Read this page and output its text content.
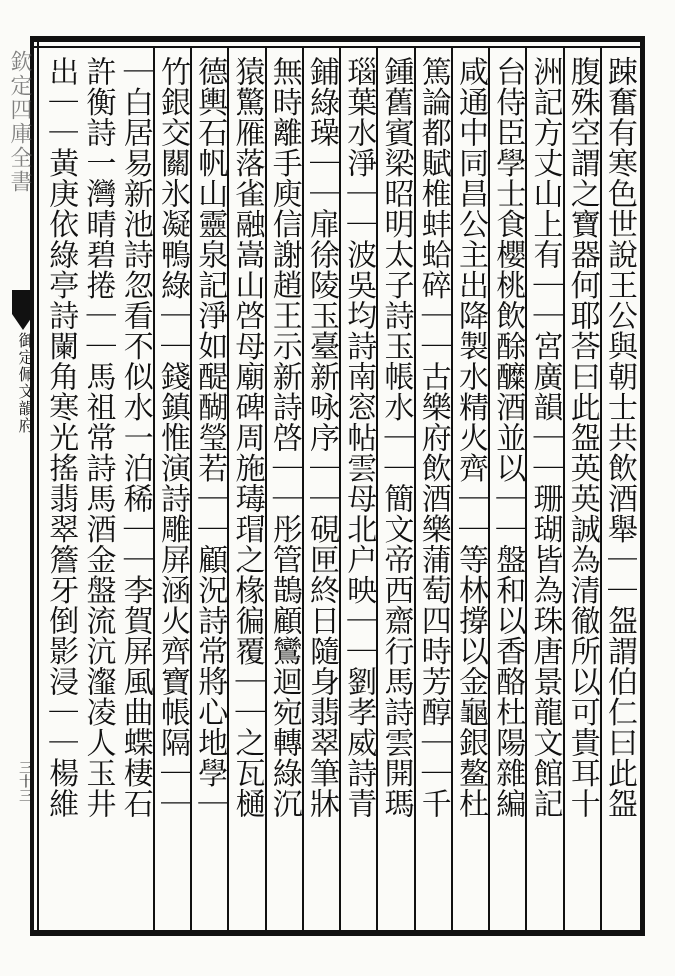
欽定四庫全書
御定佩文韻府
三十三	踈奮有寒色世說王公與朝士共飲酒舉｜｜盌謂伯仁曰此盌
腹殊空謂之寶器何耶荅曰此盌英英誠為清徹所以可貴耳十
洲記方丈山上有｜｜宮廣韻｜｜珊瑚皆為珠唐景龍文館記
台侍臣學士食櫻桃飲酴醾酒並以｜｜盤和以香酪杜陽雜編
咸通中同昌公主出降製水精火齊｜｜等林撐以金龜銀鳌杜
篤論都賦椎蚌蛤碎｜｜古樂府飲酒樂蒲萄四時芳醇｜｜千
鍾舊賓梁昭明太子詩玉帳水｜｜簡文帝西齋行馬詩雲開瑪
瑙葉水淨｜｜波吳均詩南窓帖雲母北户映｜｜劉孝威詩青
鋪綠璪｜｜扉徐陵玉臺新咏序｜｜硯匣終日隨身翡翠筆牀
無時離手庾信謝趙王示新詩啓｜｜彤管鵲顧鸞迴宛轉綠沉
猿驚雁落雀融嵩山啓母廟碑周施瑇瑁之椽徧覆｜｜之瓦樋
德輿石帆山靈泉記淨如醍醐瑩若｜｜顧況詩常將心地學｜
竹銀交關氷凝鴨綠｜｜錢鎮惟演詩雕屏涵火齊寶帳隔｜｜
｜白居易新池詩忽看不似水一泊稀｜｜李賀屏風曲蝶棲石
許衡詩一灣晴碧捲｜｜馬祖常詩馬酒金盤流沆瀣凌人玉井
出｜｜黃庚依綠亭詩闌角寒光搖翡翠簷牙倒影浸｜｜楊維
